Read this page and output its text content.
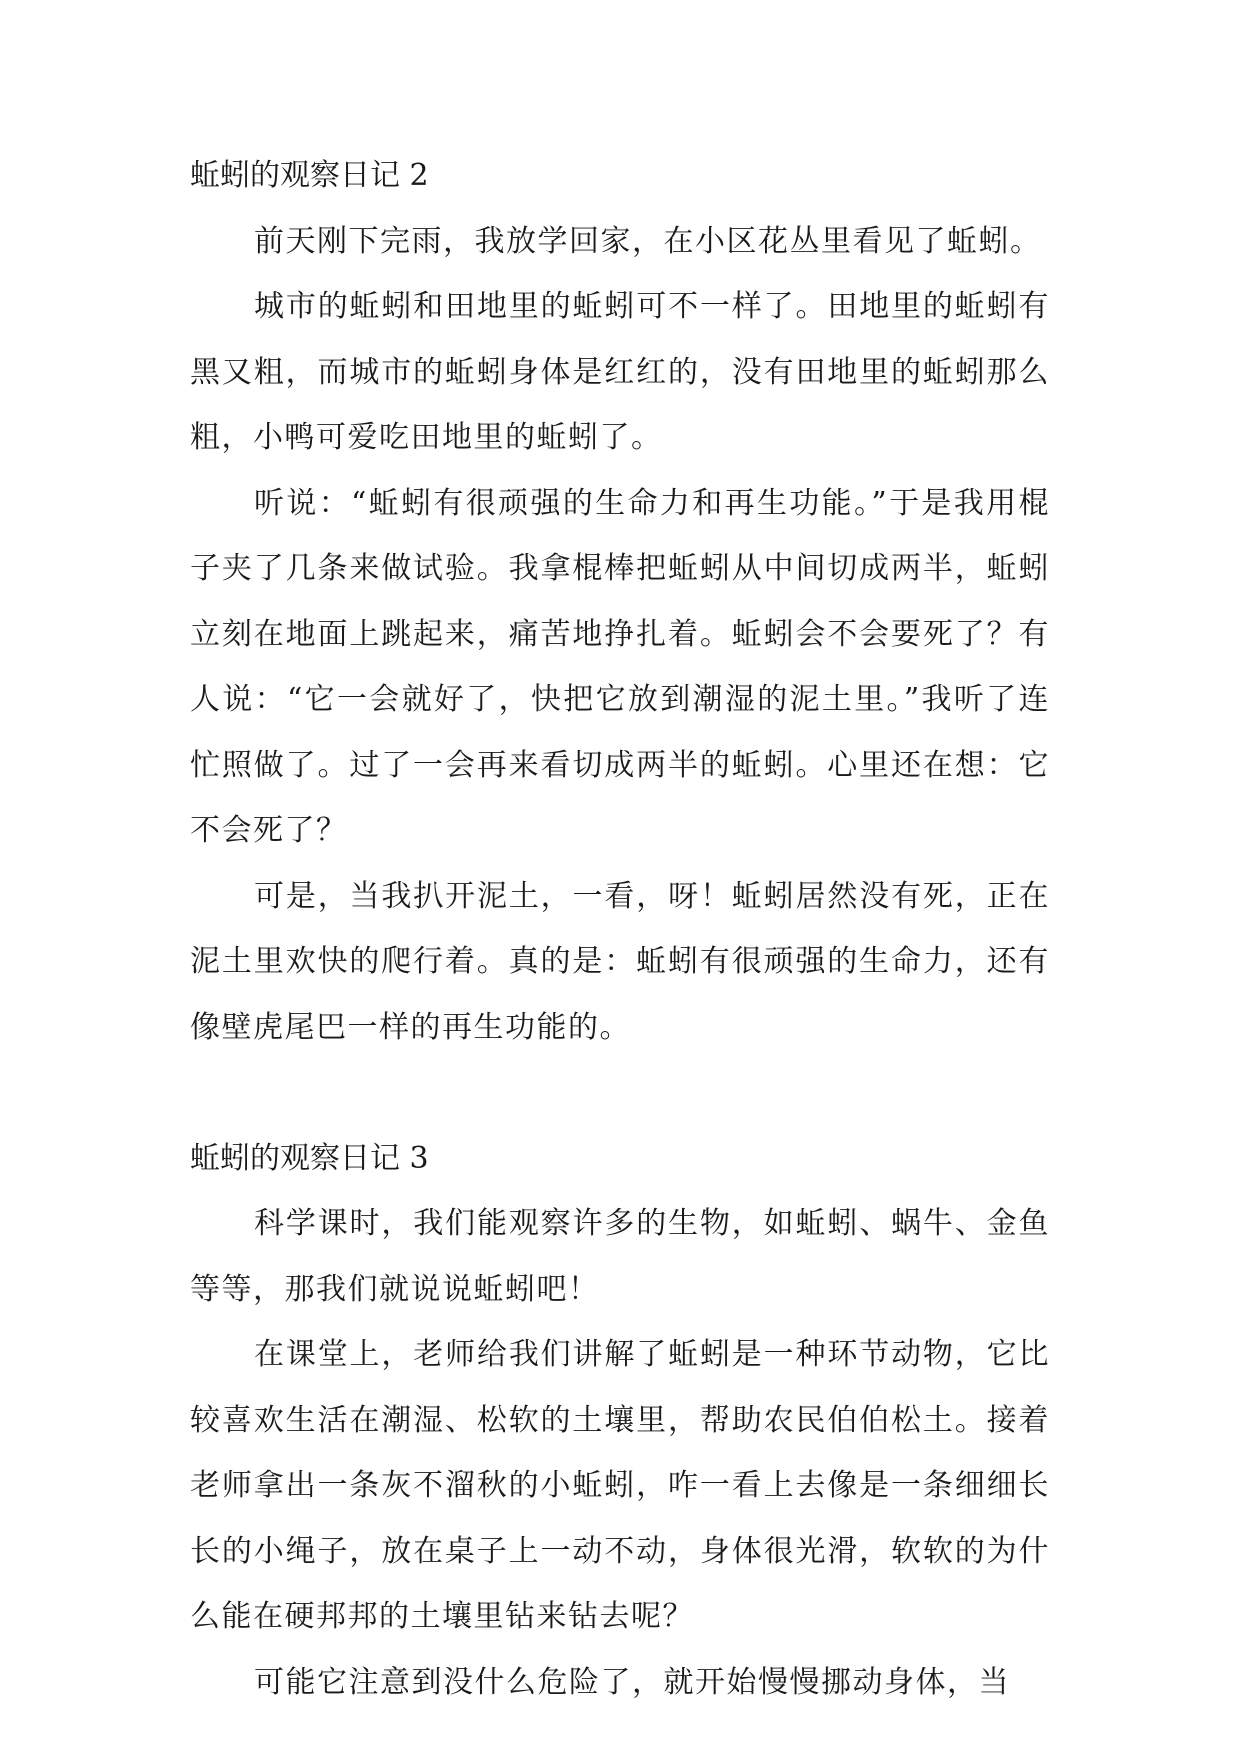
蚯蚓的观察日记 2

前天刚下完雨，我放学回家，在小区花丛里看见了蚯蚓。

城市的蚯蚓和田地里的蚯蚓可不一样了。田地里的蚯蚓有黑又粗，而城市的蚯蚓身体是红红的，没有田地里的蚯蚓那么粗，小鸭可爱吃田地里的蚯蚓了。

听说：“蚯蚓有很顽强的生命力和再生功能。”于是我用棍子夹了几条来做试验。我拿棍棒把蚯蚓从中间切成两半，蚯蚓立刻在地面上跳起来，痛苦地挣扎着。蚯蚓会不会要死了？有人说：“它一会就好了，快把它放到潮湿的泥土里。”我听了连忙照做了。过了一会再来看切成两半的蚯蚓。心里还在想：它不会死了？

可是，当我扒开泥土，一看，呀！蚯蚓居然没有死，正在泥土里欢快的爬行着。真的是：蚯蚓有很顽强的生命力，还有像壁虎尾巴一样的再生功能的。

蚯蚓的观察日记 3

科学课时，我们能观察许多的生物，如蚯蚓、蜗牛、金鱼等等，那我们就说说蚯蚓吧！

在课堂上，老师给我们讲解了蚯蚓是一种环节动物，它比较喜欢生活在潮湿、松软的土壤里，帮助农民伯伯松土。接着老师拿出一条灰不溜秋的小蚯蚓，咋一看上去像是一条细细长长的小绳子，放在桌子上一动不动，身体很光滑，软软的为什么能在硬邦邦的土壤里钻来钻去呢？

可能它注意到没什么危险了，就开始慢慢挪动身体，当
